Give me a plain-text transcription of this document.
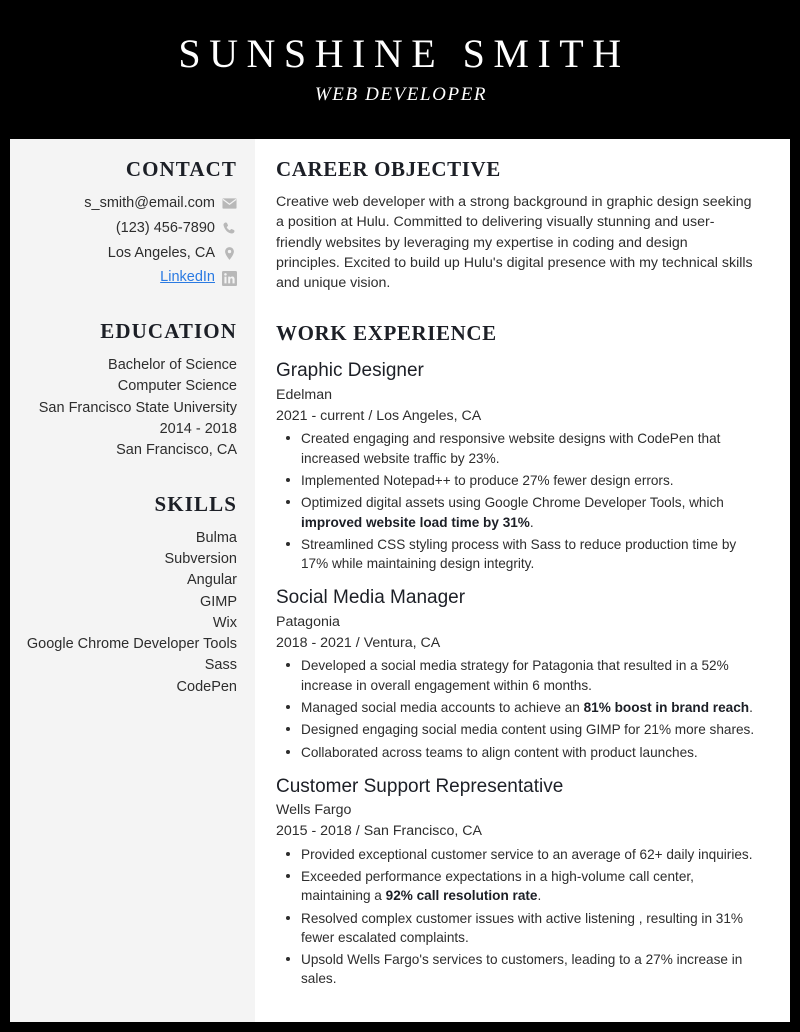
SUNSHINE SMITH
WEB DEVELOPER
CONTACT
s_smith@email.com
(123) 456-7890
Los Angeles, CA
LinkedIn
EDUCATION
Bachelor of Science
Computer Science
San Francisco State University
2014 - 2018
San Francisco, CA
SKILLS
Bulma
Subversion
Angular
GIMP
Wix
Google Chrome Developer Tools
Sass
CodePen
CAREER OBJECTIVE

Creative web developer with a strong background in graphic design seeking a position at Hulu. Committed to delivering visually stunning and user-friendly websites by leveraging my expertise in coding and design principles. Excited to build up Hulu's digital presence with my technical skills and unique vision.

WORK EXPERIENCE
Graphic Designer
Edelman
2021 - current / Los Angeles, CA
Created engaging and responsive website designs with CodePen that increased website traffic by 23%.
Implemented Notepad++ to produce 27% fewer design errors.
Optimized digital assets using Google Chrome Developer Tools, which improved website load time by 31%.
Streamlined CSS styling process with Sass to reduce production time by 17% while maintaining design integrity.
Social Media Manager
Patagonia
2018 - 2021 / Ventura, CA
Developed a social media strategy for Patagonia that resulted in a 52% increase in overall engagement within 6 months.
Managed social media accounts to achieve an 81% boost in brand reach.
Designed engaging social media content using GIMP for 21% more shares.
Collaborated across teams to align content with product launches.
Customer Support Representative
Wells Fargo
2015 - 2018 / San Francisco, CA
Provided exceptional customer service to an average of 62+ daily inquiries.
Exceeded performance expectations in a high-volume call center, maintaining a 92% call resolution rate.
Resolved complex customer issues with active listening , resulting in 31% fewer escalated complaints.
Upsold Wells Fargo's services to customers, leading to a 27% increase in sales.
